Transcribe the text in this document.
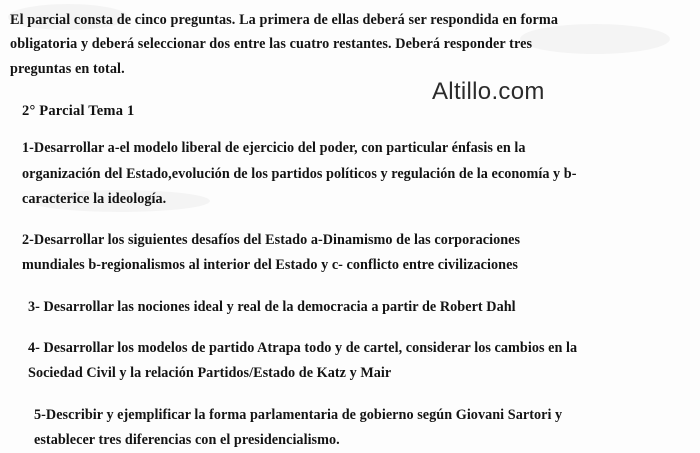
El parcial consta de cinco preguntas. La primera de ellas deberá ser respondida en forma
obligatoria y deberá seleccionar dos entre las cuatro restantes. Deberá responder tres
preguntas en total.

Altillo.com
2° Parcial Tema 1
1-Desarrollar a-el modelo liberal de ejercicio del poder, con particular énfasis en la
organización del Estado,evolución de los partidos políticos y regulación de la economía y b-
caracterice la ideología.
2-Desarrollar los siguientes desafíos del Estado a-Dinamismo de las corporaciones
mundiales b-regionalismos al interior del Estado y c- conflicto entre civilizaciones
3- Desarrollar las nociones ideal y real de la democracia a partir de Robert Dahl
4- Desarrollar los modelos de partido Atrapa todo y de cartel, considerar los cambios en la
Sociedad Civil y la relación Partidos/Estado de Katz y Mair
5-Describir y ejemplificar la forma parlamentaria de gobierno según Giovani Sartori y
establecer tres diferencias con el presidencialismo.
